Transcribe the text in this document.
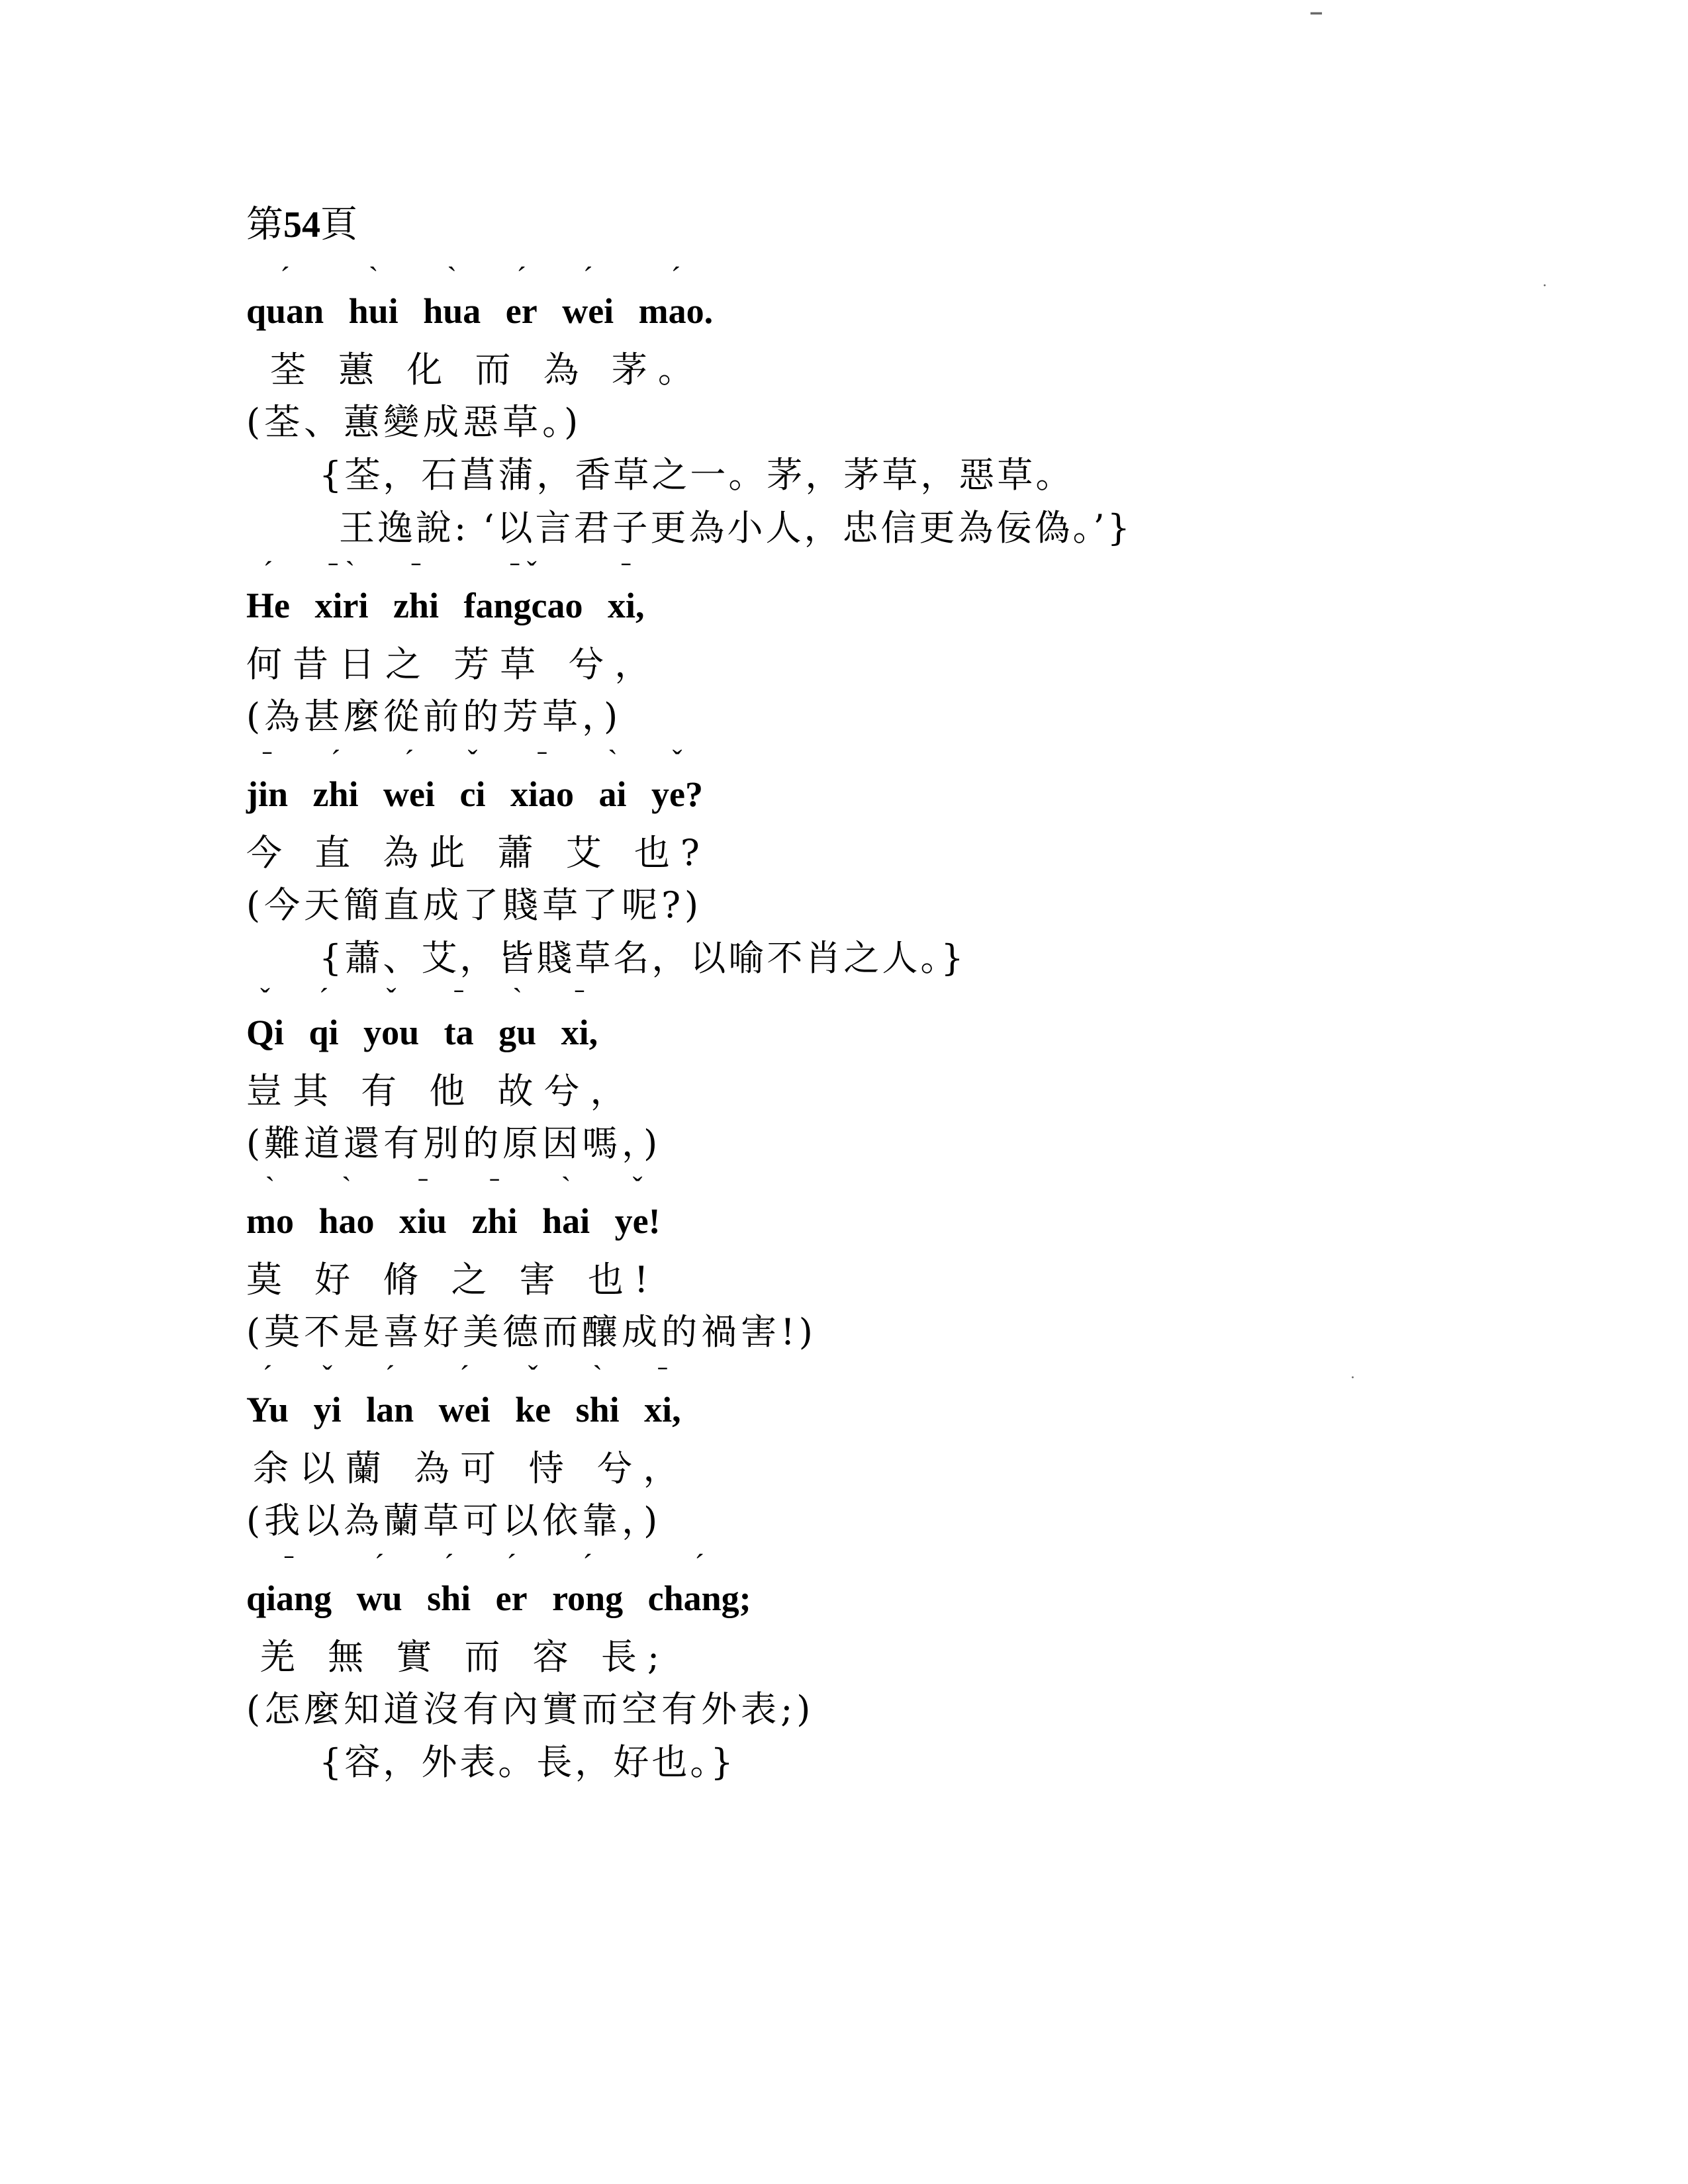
第54頁
ˊ
quan
ˋ
hui
ˋ
hua
ˊ
er
ˊ
wei
ˊ
mao.
荃 蕙 化 而 為 茅。
(荃、蕙變成惡草。)
{荃，石菖蒲，香草之一。茅，茅草，惡草。
王逸說: ‘以言君子更為小人，忠信更為佞偽。’}
ˊ
He
ˉ ˋ
xiri
ˉ
zhi
ˉ ˇ
fangcao
ˉ
xi,
何昔日之 芳草 兮，
(為甚麼從前的芳草，)
ˉ
jin
ˊ
zhi
ˊ
wei
ˇ
ci
ˉ
xiao
ˋ
ai
ˇ
ye?
今 直 為此 蕭 艾 也?
(今天簡直成了賤草了呢?)
{蕭、艾，皆賤草名，以喻不肖之人。}
ˇ
Qi
ˊ
qi
ˇ
you
ˉ
ta
ˋ
gu
ˉ
xi,
豈其 有 他 故兮，
(難道還有別的原因嗎，)
ˋ
mo
ˋ
hao
ˉ
xiu
ˉ
zhi
ˋ
hai
ˇ
ye!
莫 好 脩 之 害 也!
(莫不是喜好美德而釀成的禍害!)
ˊ
Yu
ˇ
yi
ˊ
lan
ˊ
wei
ˇ
ke
ˋ
shi
ˉ
xi,
余以蘭 為可 恃 兮，
(我以為蘭草可以依靠，)
ˉ
qiang
ˊ
wu
ˊ
shi
ˊ
er
ˊ
rong
ˊ
chang;
羌 無 實 而 容 長;
(怎麼知道沒有內實而空有外表;)
{容，外表。長，好也。}
▔
·
·
